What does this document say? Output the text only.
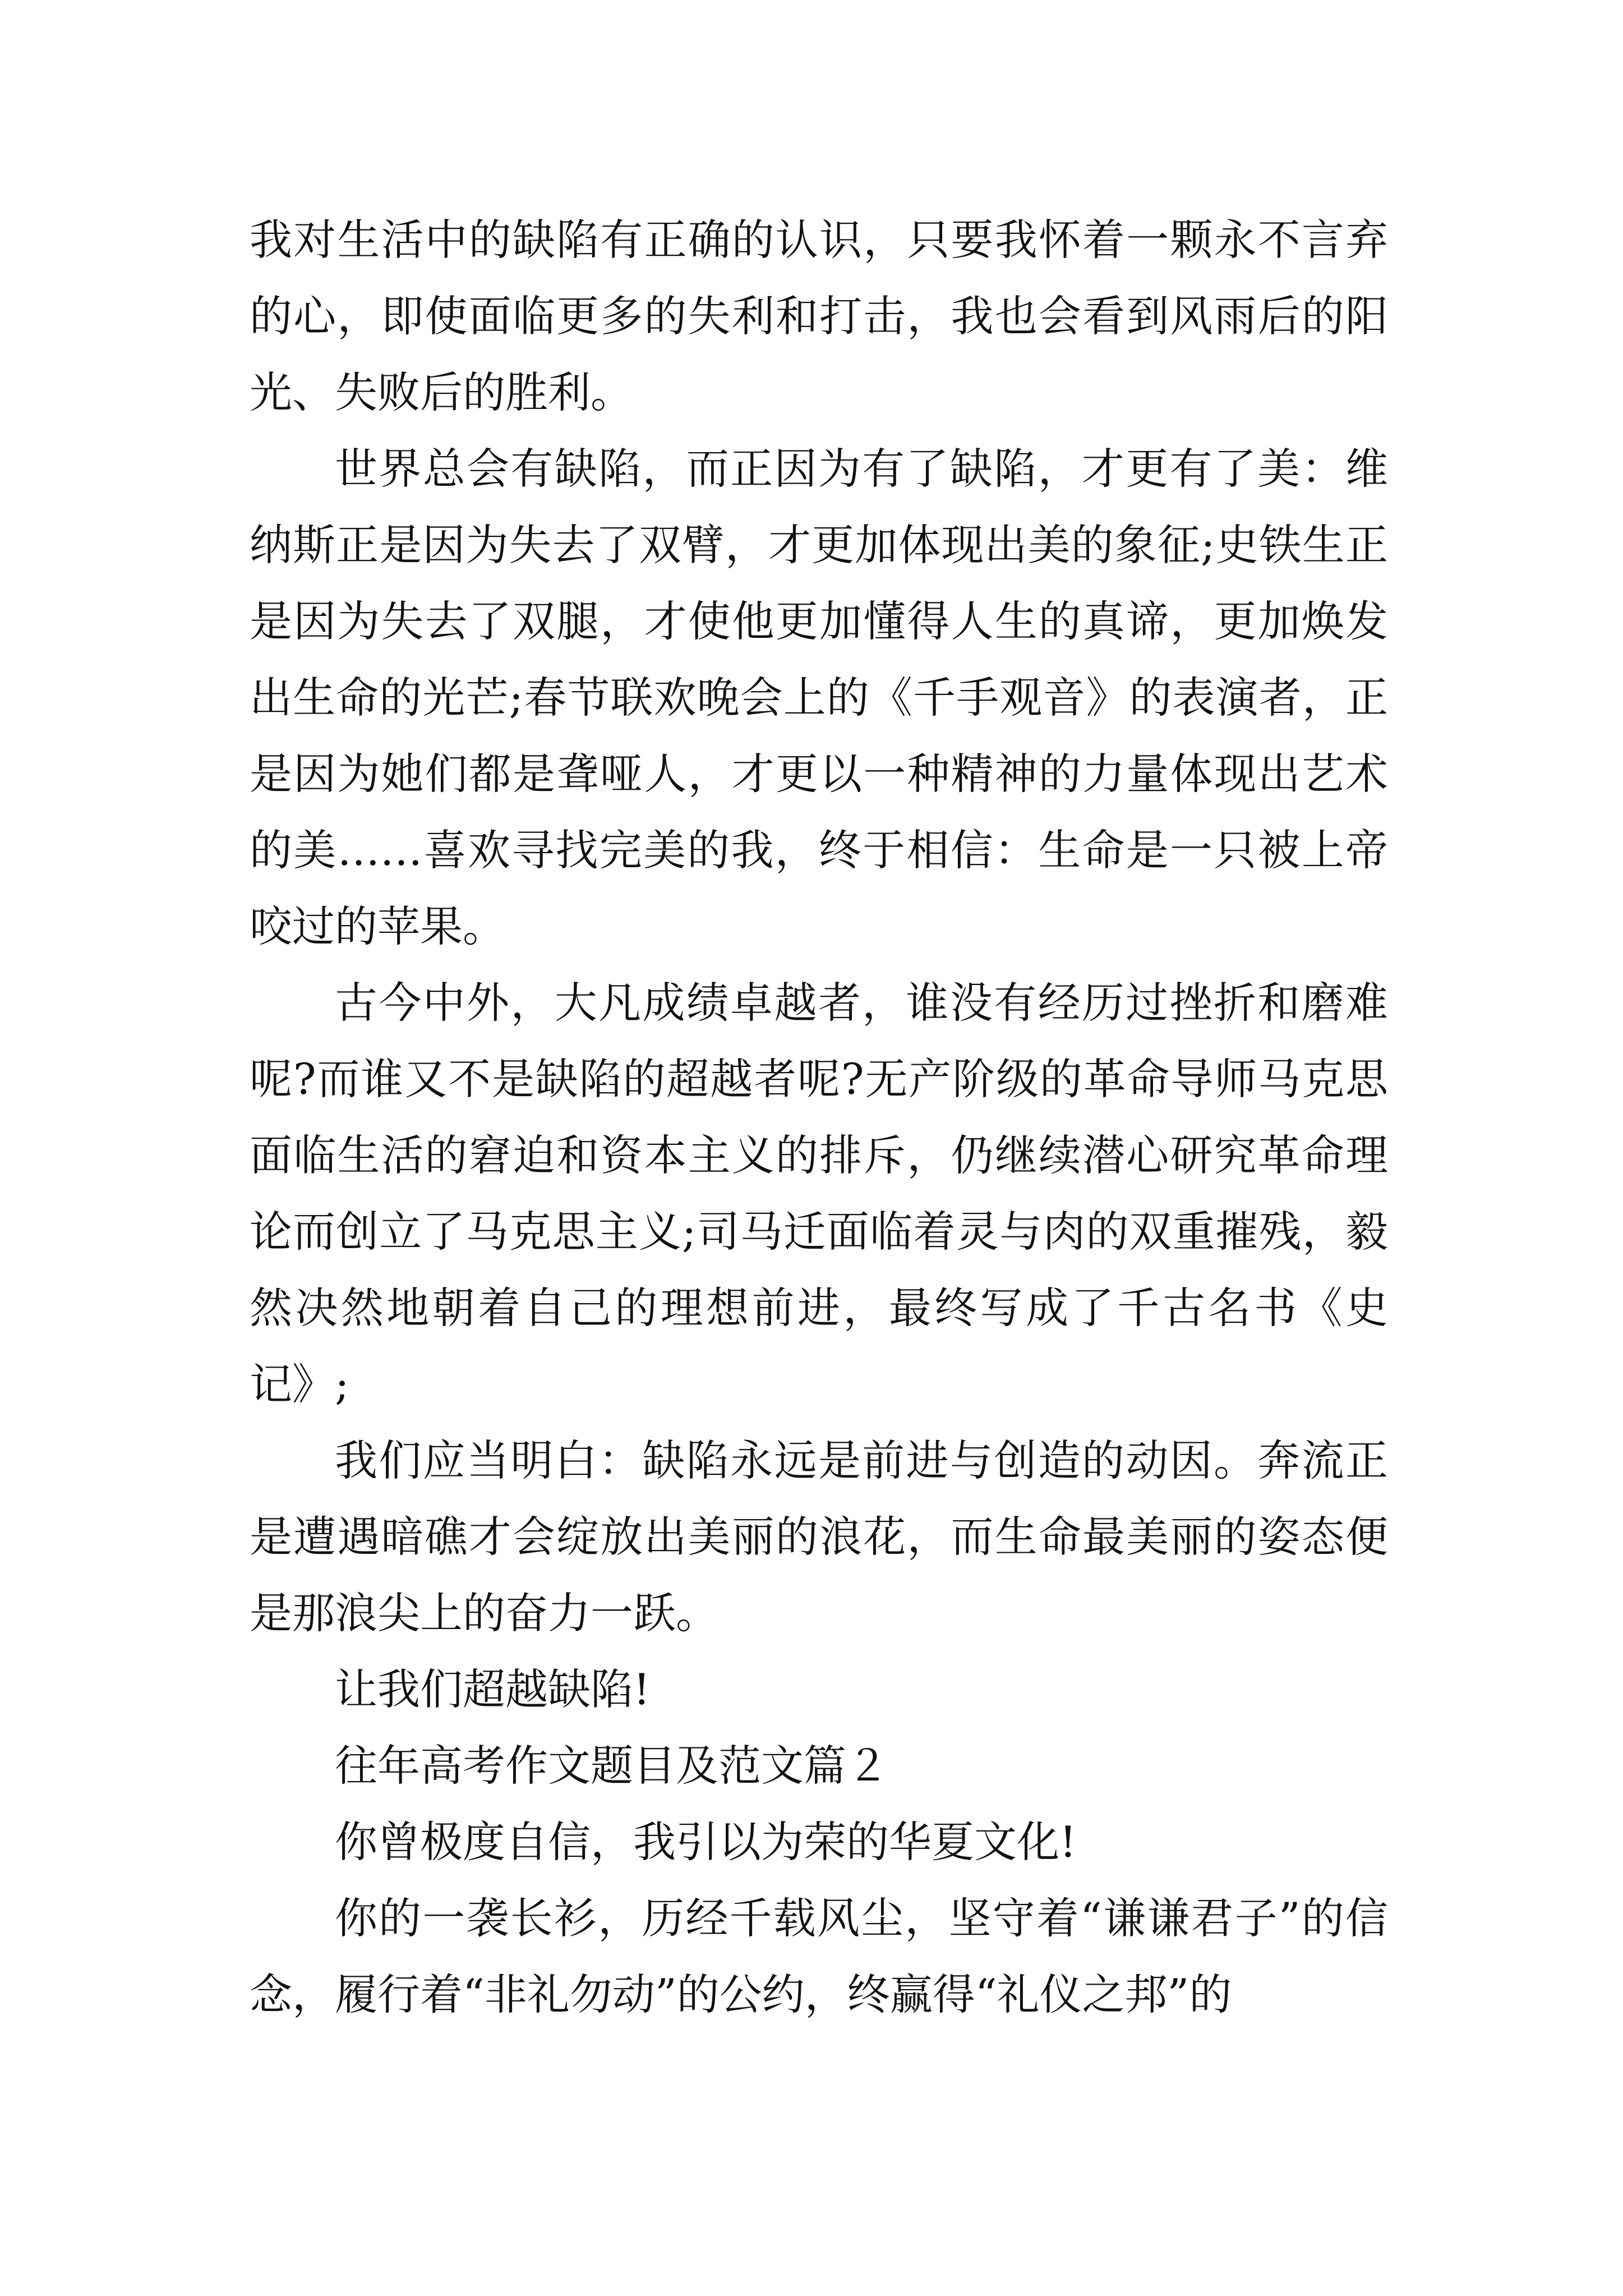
我对生活中的缺陷有正确的认识，只要我怀着一颗永不言弃的心，即使面临更多的失利和打击，我也会看到风雨后的阳光、失败后的胜利。

世界总会有缺陷，而正因为有了缺陷，才更有了美：维纳斯正是因为失去了双臂，才更加体现出美的象征;史铁生正是因为失去了双腿，才使他更加懂得人生的真谛，更加焕发出生命的光芒;春节联欢晚会上的《千手观音》的表演者，正是因为她们都是聋哑人，才更以一种精神的力量体现出艺术的美……喜欢寻找完美的我，终于相信：生命是一只被上帝咬过的苹果。

古今中外，大凡成绩卓越者，谁没有经历过挫折和磨难呢?而谁又不是缺陷的超越者呢?无产阶级的革命导师马克思面临生活的窘迫和资本主义的排斥，仍继续潜心研究革命理论而创立了马克思主义;司马迁面临着灵与肉的双重摧残，毅然决然地朝着自己的理想前进，最终写成了千古名书《史记》;

我们应当明白：缺陷永远是前进与创造的动因。奔流正是遭遇暗礁才会绽放出美丽的浪花，而生命最美丽的姿态便是那浪尖上的奋力一跃。

让我们超越缺陷!

往年高考作文题目及范文篇２

你曾极度自信，我引以为荣的华夏文化!

你的一袭长衫，历经千载风尘，坚守着“谦谦君子”的信念，履行着“非礼勿动”的公约，终赢得“礼仪之邦”的
